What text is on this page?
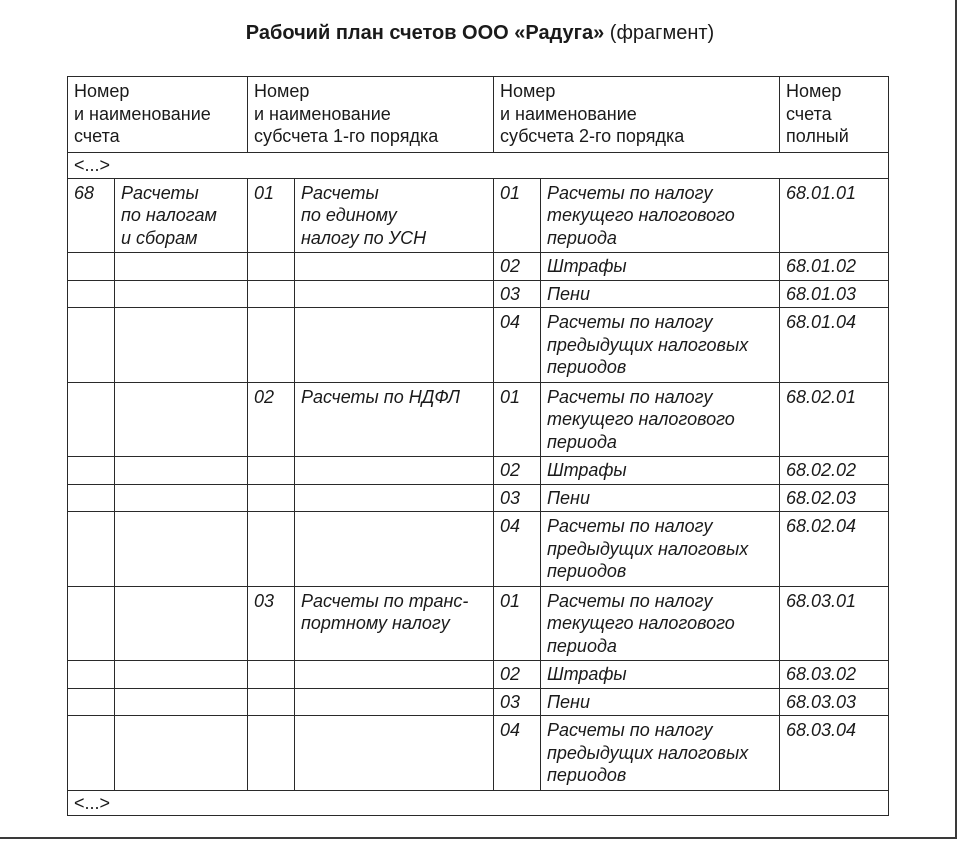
Рабочий план счетов ООО «Радуга» (фрагмент)
Номер
и наименование
счета		Номер
и наименование
субсчета 1-го порядка		Номер
и наименование
субсчета 2-го порядка		Номер
счета
полный
<...>						
68	Расчеты
по налогам
и сборам	01	Расчеты
по единому
налогу по УСН	01	Расчеты по налогу
текущего налогового
периода	68.01.01
				02	Штрафы	68.01.02
				03	Пени	68.01.03
				04	Расчеты по налогу
предыдущих налоговых
периодов	68.01.04
		02	Расчеты по НДФЛ	01	Расчеты по налогу
текущего налогового
периода	68.02.01
				02	Штрафы	68.02.02
				03	Пени	68.02.03
				04	Расчеты по налогу
предыдущих налоговых
периодов	68.02.04
		03	Расчеты по транс-
портному налогу	01	Расчеты по налогу
текущего налогового
периода	68.03.01
				02	Штрафы	68.03.02
				03	Пени	68.03.03
				04	Расчеты по налогу
предыдущих налоговых
периодов	68.03.04
<...>						
